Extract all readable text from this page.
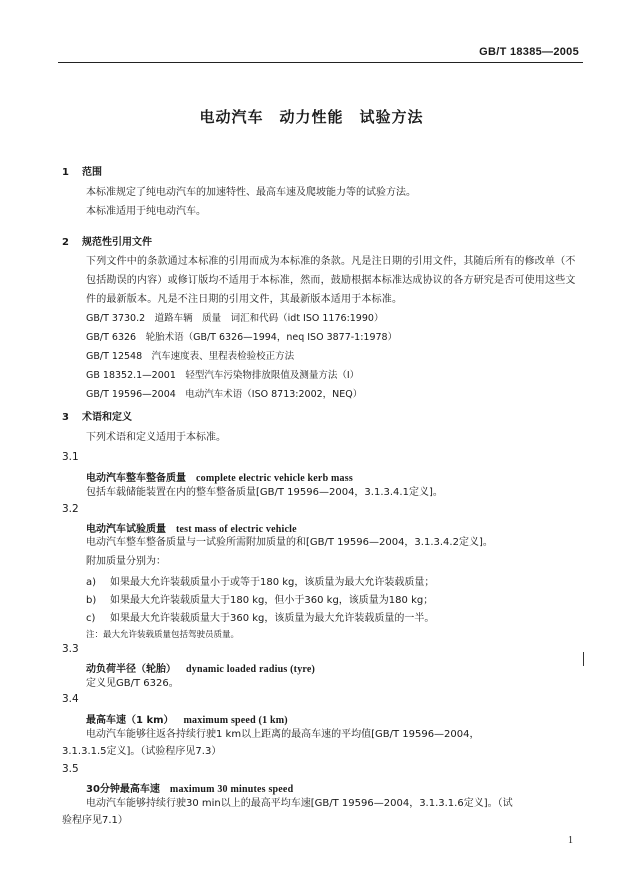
GB/T 18385—2005
电动汽车　动力性能　试验方法
1 范围
本标准规定了纯电动汽车的加速特性、最高车速及爬坡能力等的试验方法。
本标准适用于纯电动汽车。
2 规范性引用文件
下列文件中的条款通过本标准的引用而成为本标准的条款。凡是注日期的引用文件，其随后所有的修改单（不包括勘误的内容）或修订版均不适用于本标准，然而，鼓励根据本标准达成协议的各方研究是否可使用这些文件的最新版本。凡是不注日期的引用文件，其最新版本适用于本标准。
GB/T 3730.2　道路车辆　质量　词汇和代码（idt ISO 1176:1990）
GB/T 6326　轮胎术语（GB/T 6326—1994，neq ISO 3877-1:1978）
GB/T 12548　汽车速度表、里程表检验校正方法
GB 18352.1—2001　轻型汽车污染物排放限值及测量方法（Ⅰ）
GB/T 19596—2004　电动汽车术语（ISO 8713:2002，NEQ）
3 术语和定义
下列术语和定义适用于本标准。
3.1
电动汽车整车整备质量 complete electric vehicle kerb mass
包括车载储能装置在内的整车整备质量[GB/T 19596—2004，3.1.3.4.1定义]。
3.2
电动汽车试验质量 test mass of electric vehicle
电动汽车整车整备质量与一试验所需附加质量的和[GB/T 19596—2004，3.1.3.4.2定义]。
附加质量分别为：
a) 如果最大允许装载质量小于或等于180 kg，该质量为最大允许装载质量；
b) 如果最大允许装载质量大于180 kg，但小于360 kg，该质量为180 kg；
c) 如果最大允许装载质量大于360 kg，该质量为最大允许装载质量的一半。
注：最大允许装载质量包括驾驶员质量。
3.3
动负荷半径（轮胎） dynamic loaded radius (tyre)
定义见GB/T 6326。
3.4
最高车速（1 km） maximum speed (1 km)
电动汽车能够往返各持续行驶1 km以上距离的最高车速的平均值[GB/T 19596—2004，
3.1.3.1.5定义]。（试验程序见7.3）
3.5
30分钟最高车速 maximum 30 minutes speed
电动汽车能够持续行驶30 min以上的最高平均车速[GB/T 19596—2004，3.1.3.1.6定义]。（试
验程序见7.1）
1
